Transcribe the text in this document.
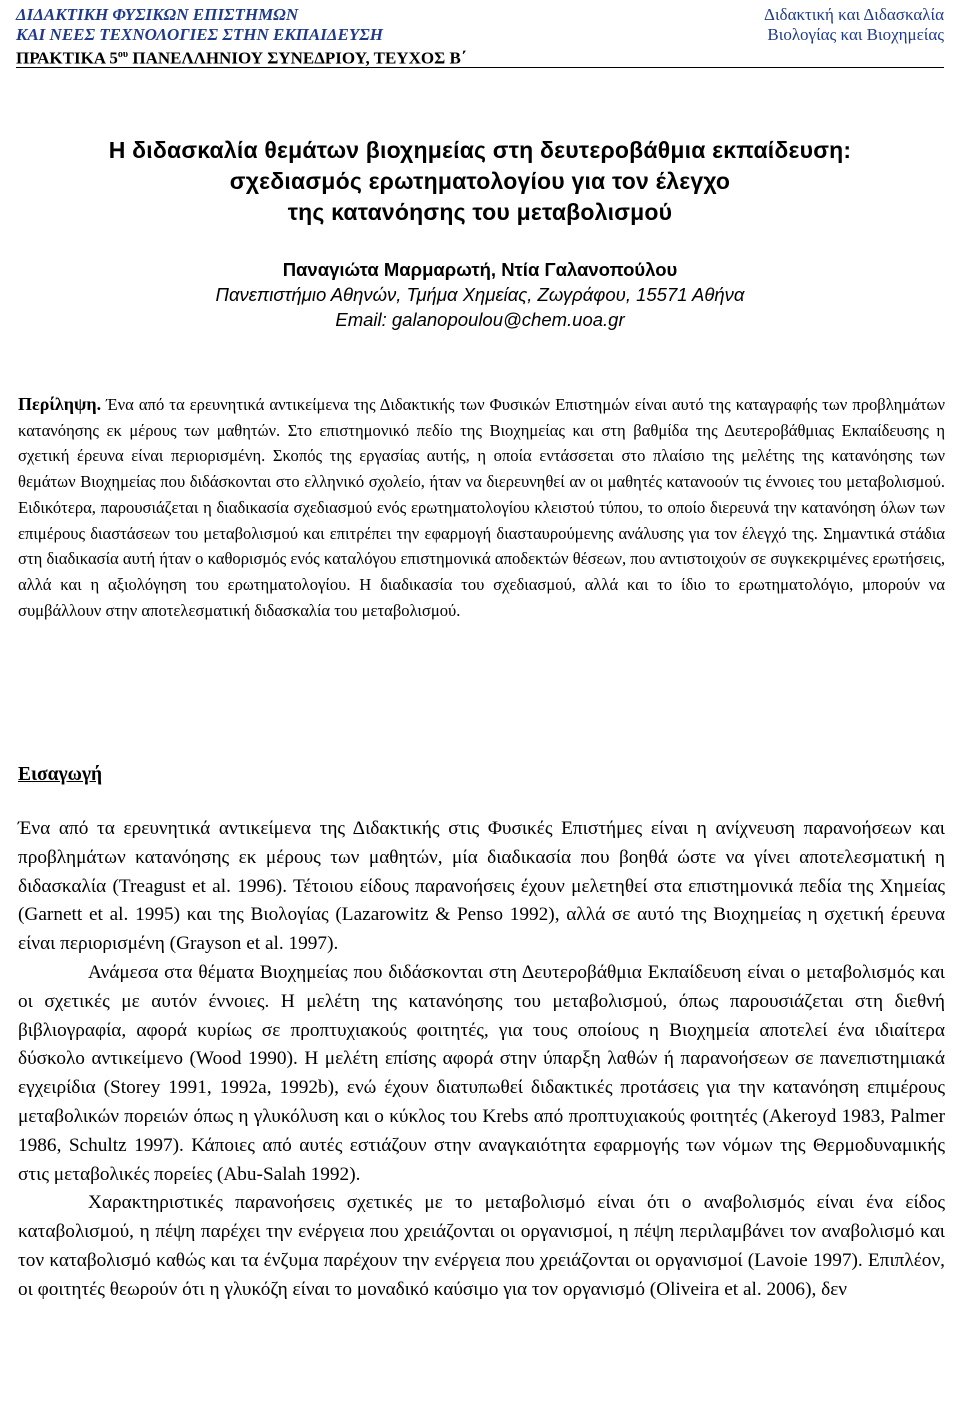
ΔΙΔΑΚΤΙΚΗ ΦΥΣΙΚΩΝ ΕΠΙΣΤΗΜΩΝ
ΚΑΙ ΝΕΕΣ ΤΕΧΝΟΛΟΓΙΕΣ ΣΤΗΝ ΕΚΠΑΙΔΕΥΣΗ
ΠΡΑΚΤΙΚΑ $5^{o\upsilon}$ ΠΑΝΕΛΛΗΝΙΟΥ ΣΥΝΕΔΡΙΟΥ, ΤΕΥΧΟΣ Β΄
Διδακτική και Διδασκαλία
Βιολογίας και Βιοχημείας
Η διδασκαλία θεμάτων βιοχημείας στη δευτεροβάθμια εκπαίδευση:
σχεδιασμός ερωτηματολογίου για τον έλεγχο
της κατανόησης του μεταβολισμού
Παναγιώτα Μαρμαρωτή, Ντία Γαλανοπούλου
Πανεπιστήμιο Αθηνών, Τμήμα Χημείας, Ζωγράφου, 15571 Αθήνα
Email: galanopoulou@chem.uoa.gr
Περίληψη. Ένα από τα ερευνητικά αντικείμενα της Διδακτικής των Φυσικών Επιστημών είναι αυτό της καταγραφής των προβλημάτων κατανόησης εκ μέρους των μαθητών. Στο επιστημονικό πεδίο της Βιοχημείας και στη βαθμίδα της Δευτεροβάθμιας Εκπαίδευσης η σχετική έρευνα είναι περιορισμένη. Σκοπός της εργασίας αυτής, η οποία εντάσσεται στο πλαίσιο της μελέτης της κατανόησης των θεμάτων Βιοχημείας που διδάσκονται στο ελληνικό σχολείο, ήταν να διερευνηθεί αν οι μαθητές κατανοούν τις έννοιες του μεταβολισμού. Ειδικότερα, παρουσιάζεται η διαδικασία σχεδιασμού ενός ερωτηματολογίου κλειστού τύπου, το οποίο διερευνά την κατανόηση όλων των επιμέρους διαστάσεων του μεταβολισμού και επιτρέπει την εφαρμογή διασταυρούμενης ανάλυσης για τον έλεγχό της. Σημαντικά στάδια στη διαδικασία αυτή ήταν ο καθορισμός ενός καταλόγου επιστημονικά αποδεκτών θέσεων, που αντιστοιχούν σε συγκεκριμένες ερωτήσεις, αλλά και η αξιολόγηση του ερωτηματολογίου. Η διαδικασία του σχεδιασμού, αλλά και το ίδιο το ερωτηματολόγιο, μπορούν να συμβάλλουν στην αποτελεσματική διδασκαλία του μεταβολισμού.
Εισαγωγή

Ένα από τα ερευνητικά αντικείμενα της Διδακτικής στις Φυσικές Επιστήμες είναι η ανίχνευση παρανοήσεων και προβλημάτων κατανόησης εκ μέρους των μαθητών, μία διαδικασία που βοηθά ώστε να γίνει αποτελεσματική η διδασκαλία (Treagust et al. 1996). Τέτοιου είδους παρανοήσεις έχουν μελετηθεί στα επιστημονικά πεδία της Χημείας (Garnett et al. 1995) και της Βιολογίας (Lazarowitz & Penso 1992), αλλά σε αυτό της Βιοχημείας η σχετική έρευνα είναι περιορισμένη (Grayson et al. 1997).

Ανάμεσα στα θέματα Βιοχημείας που διδάσκονται στη Δευτεροβάθμια Εκπαίδευση είναι ο μεταβολισμός και οι σχετικές με αυτόν έννοιες. Η μελέτη της κατανόησης του μεταβολισμού, όπως παρουσιάζεται στη διεθνή βιβλιογραφία, αφορά κυρίως σε προπτυχιακούς φοιτητές, για τους οποίους η Βιοχημεία αποτελεί ένα ιδιαίτερα δύσκολο αντικείμενο (Wood 1990). Η μελέτη επίσης αφορά στην ύπαρξη λαθών ή παρανοήσεων σε πανεπιστημιακά εγχειρίδια (Storey 1991, 1992a, 1992b), ενώ έχουν διατυπωθεί διδακτικές προτάσεις για την κατανόηση επιμέρους μεταβολικών πορειών όπως η γλυκόλυση και ο κύκλος του Krebs από προπτυχιακούς φοιτητές (Akeroyd 1983, Palmer 1986, Schultz 1997). Κάποιες από αυτές εστιάζουν στην αναγκαιότητα εφαρμογής των νόμων της Θερμοδυναμικής στις μεταβολικές πορείες (Abu-Salah 1992).

Χαρακτηριστικές παρανοήσεις σχετικές με το μεταβολισμό είναι ότι ο αναβολισμός είναι ένα είδος καταβολισμού, η πέψη παρέχει την ενέργεια που χρειάζονται οι οργανισμοί, η πέψη περιλαμβάνει τον αναβολισμό και τον καταβολισμό καθώς και τα ένζυμα παρέχουν την ενέργεια που χρειάζονται οι οργανισμοί (Lavoie 1997). Επιπλέον, οι φοιτητές θεωρούν ότι η γλυκόζη είναι το μοναδικό καύσιμο για τον οργανισμό (Oliveira et al. 2006), δεν
